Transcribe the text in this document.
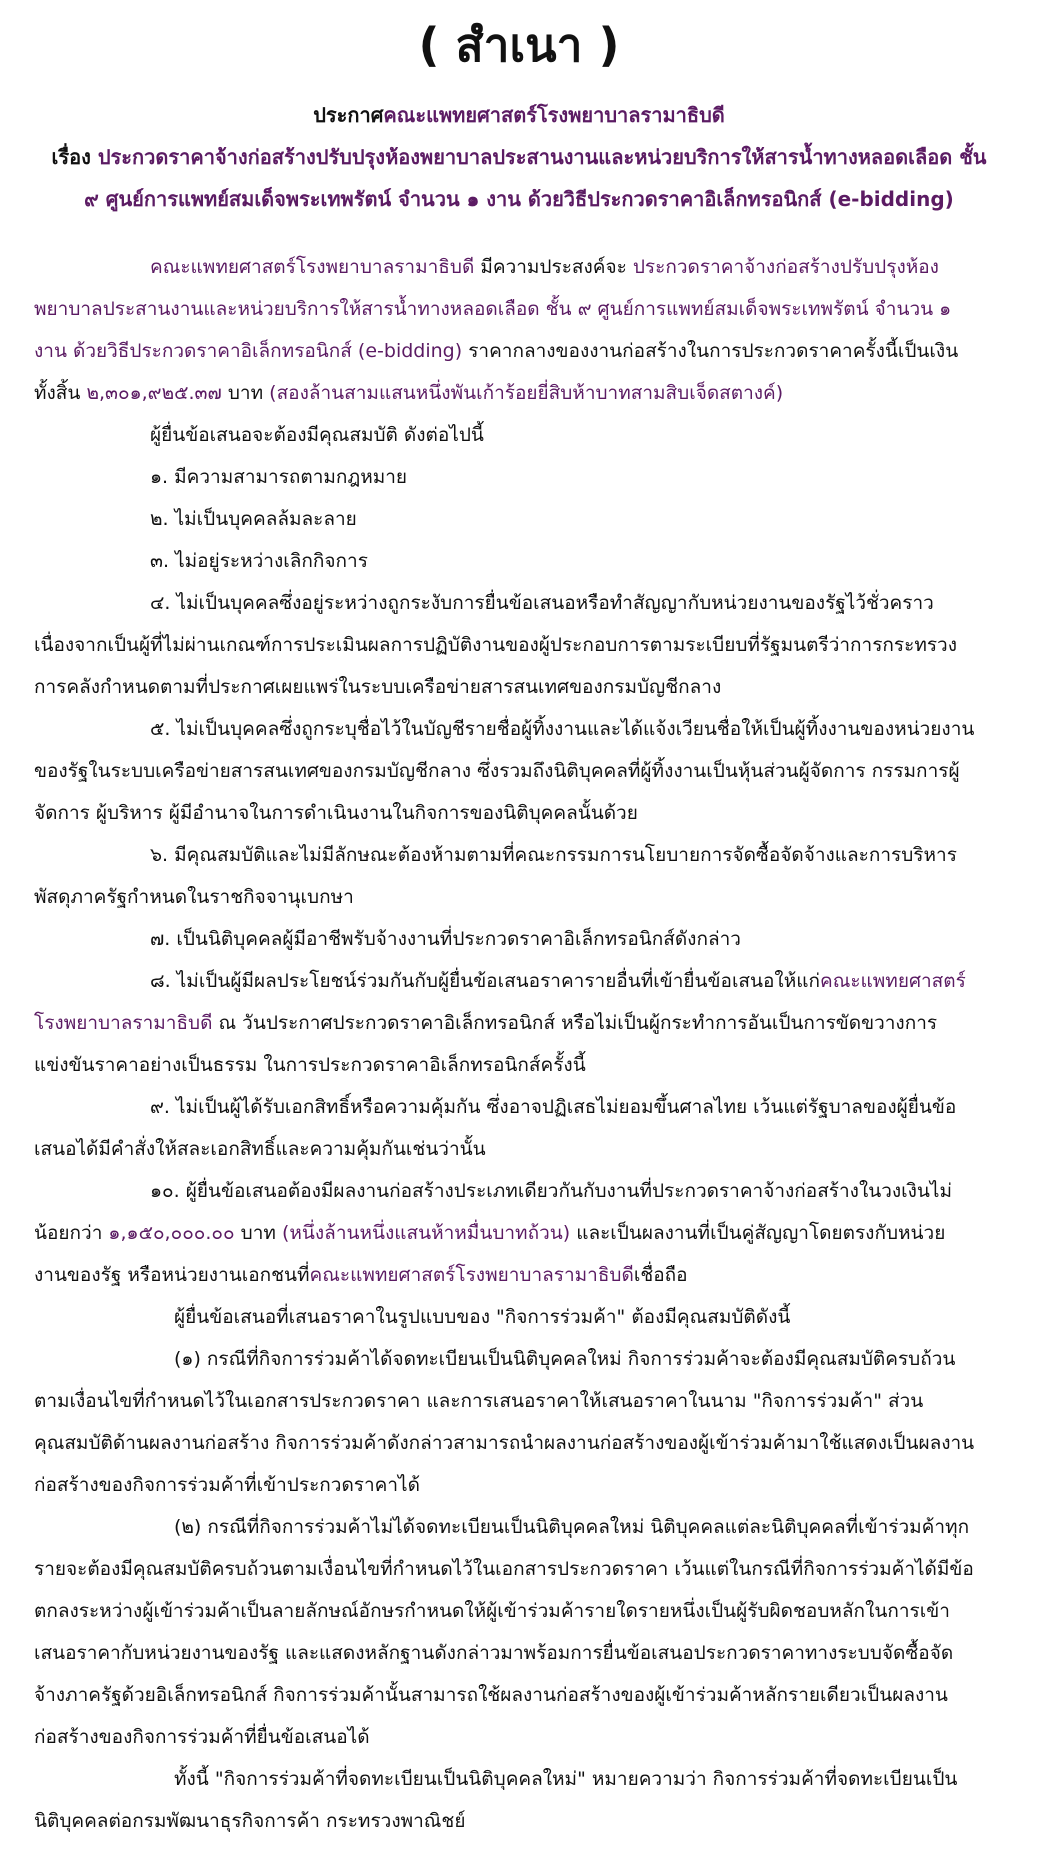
( สำเนา )
ประกาศคณะแพทยศาสตร์โรงพยาบาลรามาธิบดี
เรื่อง ประกวดราคาจ้างก่อสร้างปรับปรุงห้องพยาบาลประสานงานและหน่วยบริการให้สารน้ำทางหลอดเลือด ชั้น
๙ ศูนย์การแพทย์สมเด็จพระเทพรัตน์ จำนวน ๑ งาน ด้วยวิธีประกวดราคาอิเล็กทรอนิกส์ (e-bidding)
คณะแพทยศาสตร์โรงพยาบาลรามาธิบดี มีความประสงค์จะ ประกวดราคาจ้างก่อสร้างปรับปรุงห้อง
พยาบาลประสานงานและหน่วยบริการให้สารน้ำทางหลอดเลือด ชั้น ๙ ศูนย์การแพทย์สมเด็จพระเทพรัตน์ จำนวน ๑
งาน ด้วยวิธีประกวดราคาอิเล็กทรอนิกส์ (e-bidding) ราคากลางของงานก่อสร้างในการประกวดราคาครั้งนี้เป็นเงิน
ทั้งสิ้น ๒,๓๐๑,๙๒๕.๓๗ บาท (สองล้านสามแสนหนึ่งพันเก้าร้อยยี่สิบห้าบาทสามสิบเจ็ดสตางค์)
ผู้ยื่นข้อเสนอจะต้องมีคุณสมบัติ ดังต่อไปนี้
๑. มีความสามารถตามกฎหมาย
๒. ไม่เป็นบุคคลล้มละลาย
๓. ไม่อยู่ระหว่างเลิกกิจการ
๔. ไม่เป็นบุคคลซึ่งอยู่ระหว่างถูกระงับการยื่นข้อเสนอหรือทำสัญญากับหน่วยงานของรัฐไว้ชั่วคราว
เนื่องจากเป็นผู้ที่ไม่ผ่านเกณฑ์การประเมินผลการปฏิบัติงานของผู้ประกอบการตามระเบียบที่รัฐมนตรีว่าการกระทรวง
การคลังกำหนดตามที่ประกาศเผยแพร่ในระบบเครือข่ายสารสนเทศของกรมบัญชีกลาง
๕. ไม่เป็นบุคคลซึ่งถูกระบุชื่อไว้ในบัญชีรายชื่อผู้ทิ้งงานและได้แจ้งเวียนชื่อให้เป็นผู้ทิ้งงานของหน่วยงาน
ของรัฐในระบบเครือข่ายสารสนเทศของกรมบัญชีกลาง ซึ่งรวมถึงนิติบุคคลที่ผู้ทิ้งงานเป็นหุ้นส่วนผู้จัดการ กรรมการผู้
จัดการ ผู้บริหาร ผู้มีอำนาจในการดำเนินงานในกิจการของนิติบุคคลนั้นด้วย
๖. มีคุณสมบัติและไม่มีลักษณะต้องห้ามตามที่คณะกรรมการนโยบายการจัดซื้อจัดจ้างและการบริหาร
พัสดุภาครัฐกำหนดในราชกิจจานุเบกษา
๗. เป็นนิติบุคคลผู้มีอาชีพรับจ้างงานที่ประกวดราคาอิเล็กทรอนิกส์ดังกล่าว
๘. ไม่เป็นผู้มีผลประโยชน์ร่วมกันกับผู้ยื่นข้อเสนอราคารายอื่นที่เข้ายื่นข้อเสนอให้แก่คณะแพทยศาสตร์
โรงพยาบาลรามาธิบดี ณ วันประกาศประกวดราคาอิเล็กทรอนิกส์ หรือไม่เป็นผู้กระทำการอันเป็นการขัดขวางการ
แข่งขันราคาอย่างเป็นธรรม ในการประกวดราคาอิเล็กทรอนิกส์ครั้งนี้
๙. ไม่เป็นผู้ได้รับเอกสิทธิ์หรือความคุ้มกัน ซึ่งอาจปฏิเสธไม่ยอมขึ้นศาลไทย เว้นแต่รัฐบาลของผู้ยื่นข้อ
เสนอได้มีคำสั่งให้สละเอกสิทธิ์และความคุ้มกันเช่นว่านั้น
๑๐. ผู้ยื่นข้อเสนอต้องมีผลงานก่อสร้างประเภทเดียวกันกับงานที่ประกวดราคาจ้างก่อสร้างในวงเงินไม่
น้อยกว่า ๑,๑๕๐,๐๐๐.๐๐ บาท (หนึ่งล้านหนึ่งแสนห้าหมื่นบาทถ้วน) และเป็นผลงานที่เป็นคู่สัญญาโดยตรงกับหน่วย
งานของรัฐ หรือหน่วยงานเอกชนที่คณะแพทยศาสตร์โรงพยาบาลรามาธิบดีเชื่อถือ
ผู้ยื่นข้อเสนอที่เสนอราคาในรูปแบบของ "กิจการร่วมค้า" ต้องมีคุณสมบัติดังนี้
(๑) กรณีที่กิจการร่วมค้าได้จดทะเบียนเป็นนิติบุคคลใหม่ กิจการร่วมค้าจะต้องมีคุณสมบัติครบถ้วน
ตามเงื่อนไขที่กำหนดไว้ในเอกสารประกวดราคา และการเสนอราคาให้เสนอราคาในนาม "กิจการร่วมค้า" ส่วน
คุณสมบัติด้านผลงานก่อสร้าง กิจการร่วมค้าดังกล่าวสามารถนำผลงานก่อสร้างของผู้เข้าร่วมค้ามาใช้แสดงเป็นผลงาน
ก่อสร้างของกิจการร่วมค้าที่เข้าประกวดราคาได้
(๒) กรณีที่กิจการร่วมค้าไม่ได้จดทะเบียนเป็นนิติบุคคลใหม่ นิติบุคคลแต่ละนิติบุคคลที่เข้าร่วมค้าทุก
รายจะต้องมีคุณสมบัติครบถ้วนตามเงื่อนไขที่กำหนดไว้ในเอกสารประกวดราคา เว้นแต่ในกรณีที่กิจการร่วมค้าได้มีข้อ
ตกลงระหว่างผู้เข้าร่วมค้าเป็นลายลักษณ์อักษรกำหนดให้ผู้เข้าร่วมค้ารายใดรายหนึ่งเป็นผู้รับผิดชอบหลักในการเข้า
เสนอราคากับหน่วยงานของรัฐ และแสดงหลักฐานดังกล่าวมาพร้อมการยื่นข้อเสนอประกวดราคาทางระบบจัดซื้อจัด
จ้างภาครัฐด้วยอิเล็กทรอนิกส์ กิจการร่วมค้านั้นสามารถใช้ผลงานก่อสร้างของผู้เข้าร่วมค้าหลักรายเดียวเป็นผลงาน
ก่อสร้างของกิจการร่วมค้าที่ยื่นข้อเสนอได้
ทั้งนี้ "กิจการร่วมค้าที่จดทะเบียนเป็นนิติบุคคลใหม่" หมายความว่า กิจการร่วมค้าที่จดทะเบียนเป็น
นิติบุคคลต่อกรมพัฒนาธุรกิจการค้า กระทรวงพาณิชย์
